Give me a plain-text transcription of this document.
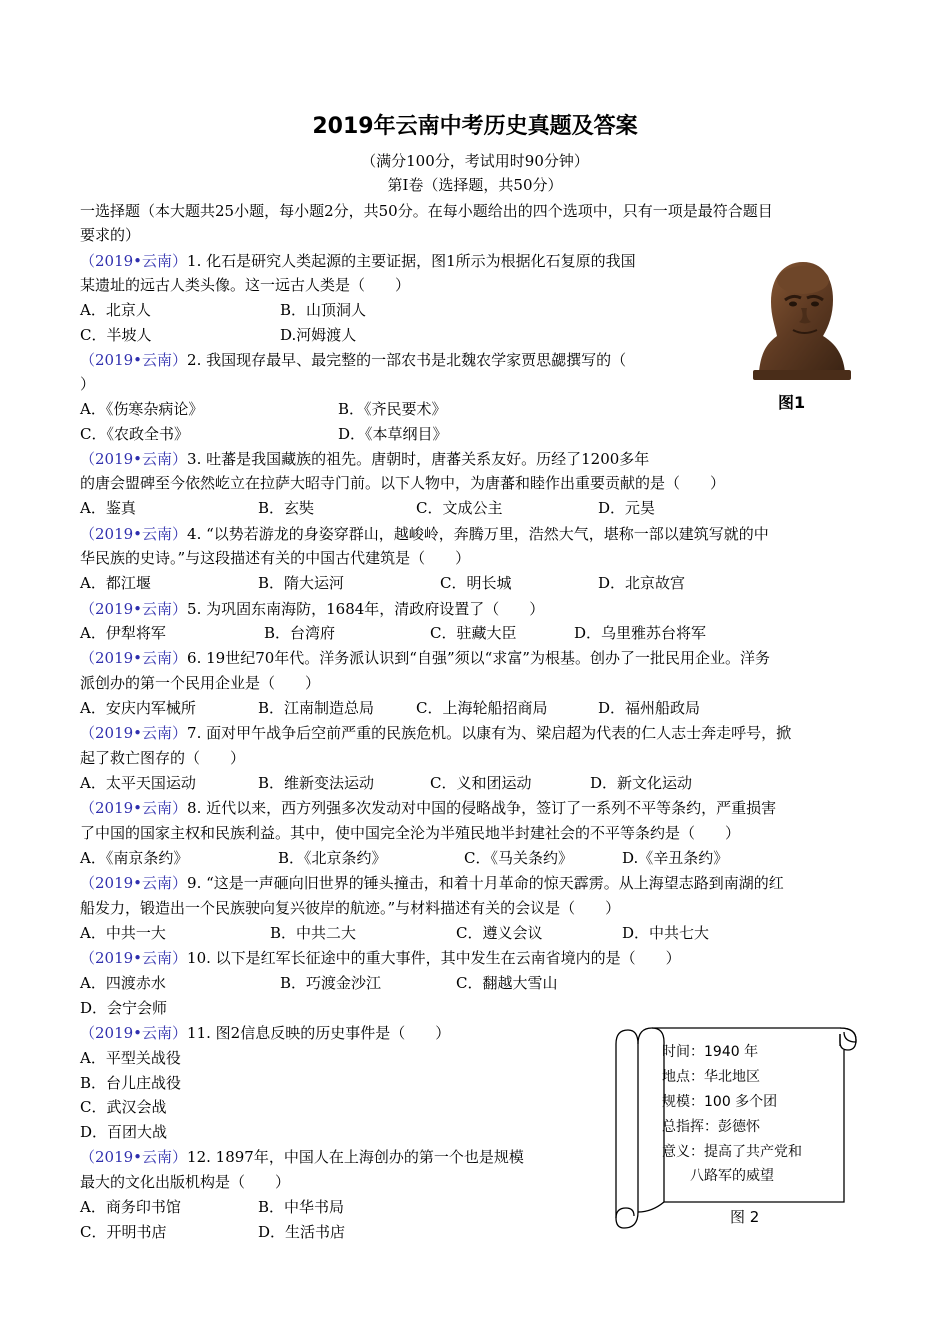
2019年云南中考历史真题及答案
（满分100分，考试用时90分钟）
第Ⅰ卷（选择题，共50分）
一选择题（本大题共25小题，每小题2分，共50分。在每小题给出的四个选项中，只有一项是最符合题目
要求的）
（2019•云南）1. 化石是研究人类起源的主要证据，图1所示为根据化石复原的我国
某遗址的远古人类头像。这一远古人类是（　　）
A．北京人	B．山顶洞人
C．半坡人	D.河姆渡人
（2019•云南）2. 我国现存最早、最完整的一部农书是北魏农学家贾思勰撰写的（
）
A．《伤寒杂病论》	B．《齐民要术》
C．《农政全书》	D．《本草纲目》
（2019•云南）3. 吐蕃是我国藏族的祖先。唐朝时，唐蕃关系友好。历经了1200多年
的唐会盟碑至今依然屹立在拉萨大昭寺门前。以下人物中，为唐蕃和睦作出重要贡献的是（　　）
A．鉴真	B．玄奘	C．文成公主	D．元昊
（2019•云南）4. “以势若游龙的身姿穿群山，越峻岭，奔腾万里，浩然大气，堪称一部以建筑写就的中
华民族的史诗。”与这段描述有关的中国古代建筑是（　　）
A．都江堰	B．隋大运河	C．明长城	D．北京故宫
（2019•云南）5. 为巩固东南海防，1684年，清政府设置了（　　）
A．伊犁将军	B．台湾府	C．驻藏大臣	D．乌里雅苏台将军
（2019•云南）6. 19世纪70年代。洋务派认识到“自强”须以“求富”为根基。创办了一批民用企业。洋务
派创办的第一个民用企业是（　　）
A．安庆内军械所	B．江南制造总局	C．上海轮船招商局	D．福州船政局
（2019•云南）7. 面对甲午战争后空前严重的民族危机。以康有为、梁启超为代表的仁人志士奔走呼号，掀
起了救亡图存的（　　）
A．太平天国运动	B．维新变法运动	C．义和团运动	D．新文化运动
（2019•云南）8. 近代以来，西方列强多次发动对中国的侵略战争，签订了一系列不平等条约，严重损害
了中国的国家主权和民族利益。其中，使中国完全沦为半殖民地半封建社会的不平等条约是（　　）
A．《南京条约》	B．《北京条约》	C．《马关条约》	D.《辛丑条约》
（2019•云南）9. “这是一声砸向旧世界的锤头撞击，和着十月革命的惊天霹雳。从上海望志路到南湖的红
船发力，锻造出一个民族驶向复兴彼岸的航迹。”与材料描述有关的会议是（　　）
A．中共一大	B．中共二大	C．遵义会议	D．中共七大
（2019•云南）10. 以下是红军长征途中的重大事件，其中发生在云南省境内的是（　　）
A．四渡赤水	B．巧渡金沙江	C．翻越大雪山
D．会宁会师
（2019•云南）11. 图2信息反映的历史事件是（　　）
A．平型关战役
B．台儿庄战役
C．武汉会战
D．百团大战
（2019•云南）12. 1897年，中国人在上海创办的第一个也是规模
最大的文化出版机构是（　　）
A．商务印书馆	B．中华书局
C．开明书店	D．生活书店
图1
时间：1940 年
地点：华北地区
规模：100 多个团
总指挥：彭德怀
意义：提高了共产党和
　　八路军的威望
图 2
